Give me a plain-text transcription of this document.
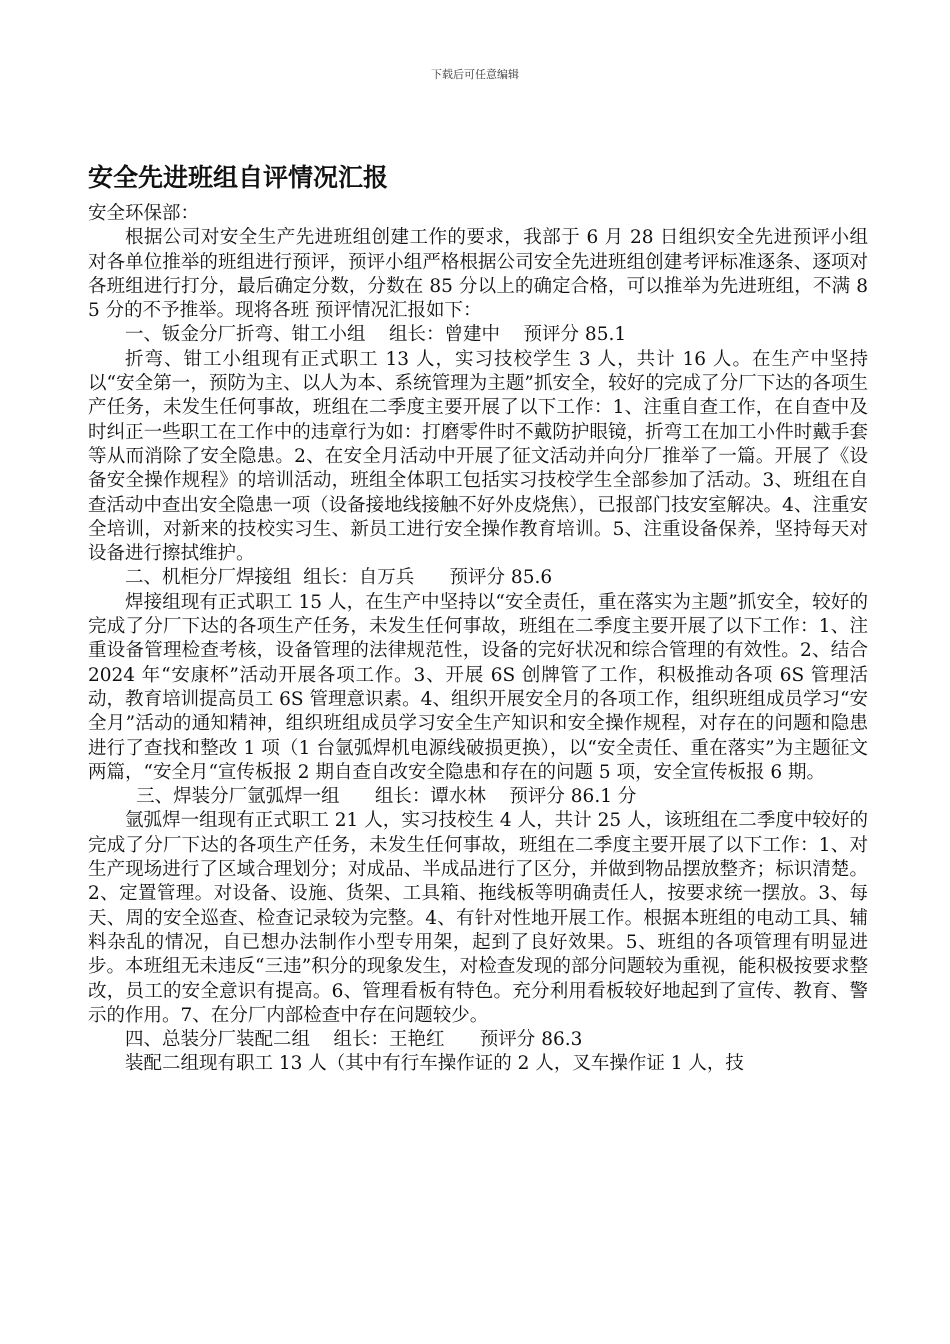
下载后可任意编辑
安全先进班组自评情况汇报

安全环保部：

根据公司对安全生产先进班组创建工作的要求，我部于 6 月 28 日组织安全先进预评小组对各单位推举的班组进行预评，预评小组严格根据公司安全先进班组创建考评标准逐条、逐项对各班组进行打分，最后确定分数，分数在 85 分以上的确定合格，可以推举为先进班组，不满 85 分的不予推举。现将各班 预评情况汇报如下：

一、钣金分厂折弯、钳工小组    组长：曾建中    预评分 85.1

折弯、钳工小组现有正式职工 13 人，实习技校学生 3 人，共计 16 人。在生产中坚持以“安全第一，预防为主、以人为本、系统管理为主题”抓安全，较好的完成了分厂下达的各项生产任务，未发生任何事故，班组在二季度主要开展了以下工作：1、注重自查工作，在自查中及时纠正一些职工在工作中的违章行为如：打磨零件时不戴防护眼镜，折弯工在加工小件时戴手套等从而消除了安全隐患。2、在安全月活动中开展了征文活动并向分厂推举了一篇。开展了《设备安全操作规程》的培训活动，班组全体职工包括实习技校学生全部参加了活动。3、班组在自查活动中查出安全隐患一项（设备接地线接触不好外皮烧焦），已报部门技安室解决。4、注重安全培训，对新来的技校实习生、新员工进行安全操作教育培训。5、注重设备保养，坚持每天对设备进行擦拭维护。

二、机柜分厂焊接组  组长：自万兵      预评分 85.6

焊接组现有正式职工 15 人，在生产中坚持以“安全责任，重在落实为主题”抓安全，较好的完成了分厂下达的各项生产任务，未发生任何事故，班组在二季度主要开展了以下工作：1、注重设备管理检查考核，设备管理的法律规范性，设备的完好状况和综合管理的有效性。2、结合 2024 年“安康杯”活动开展各项工作。3、开展 6S 创牌管了工作，积极推动各项 6S 管理活动，教育培训提高员工 6S 管理意识素。4、组织开展安全月的各项工作，组织班组成员学习“安全月”活动的通知精神，组织班组成员学习安全生产知识和安全操作规程，对存在的问题和隐患进行了查找和整改 1 项（1 台氩弧焊机电源线破损更换），以“安全责任、重在落实”为主题征文两篇，“安全月“宣传板报 2 期自查自改安全隐患和存在的问题 5 项，安全宣传板报 6 期。

三、焊装分厂氩弧焊一组      组长：谭水林    预评分 86.1 分

氩弧焊一组现有正式职工 21 人，实习技校生 4 人，共计 25 人，该班组在二季度中较好的完成了分厂下达的各项生产任务，未发生任何事故，班组在二季度主要开展了以下工作：1、对生产现场进行了区域合理划分；对成品、半成品进行了区分，并做到物品摆放整齐；标识清楚。2、定置管理。对设备、设施、货架、工具箱、拖线板等明确责任人，按要求统一摆放。3、每天、周的安全巡查、检查记录较为完整。4、有针对性地开展工作。根据本班组的电动工具、辅料杂乱的情况，自已想办法制作小型专用架，起到了良好效果。5、班组的各项管理有明显进步。本班组无未违反“三违”积分的现象发生，对检查发现的部分问题较为重视，能积极按要求整改，员工的安全意识有提高。6、管理看板有特色。充分利用看板较好地起到了宣传、教育、警示的作用。7、在分厂内部检查中存在问题较少。

四、总装分厂装配二组    组长：王艳红      预评分 86.3

装配二组现有职工 13 人（其中有行车操作证的 2 人，叉车操作证 1 人，技
